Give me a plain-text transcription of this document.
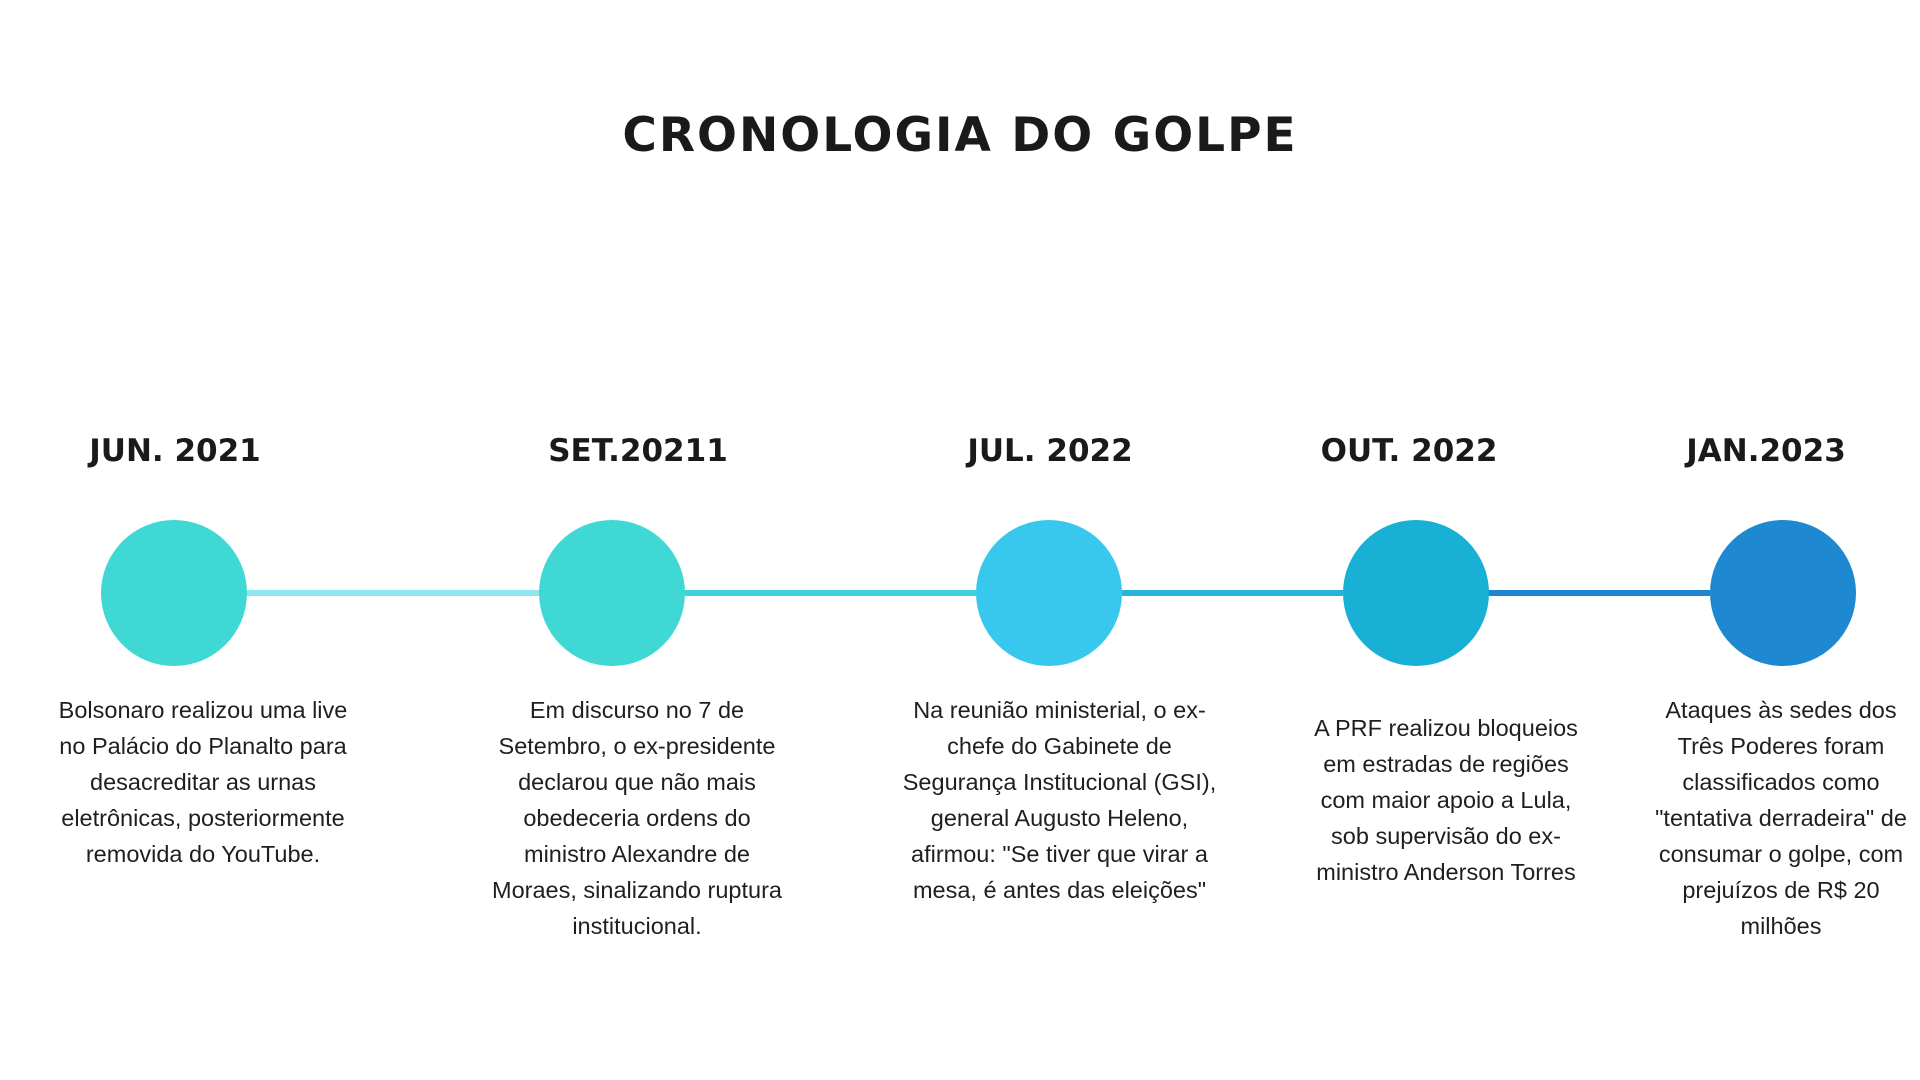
CRONOLOGIA DO GOLPE
JUN. 2021
Bolsonaro realizou uma live no Palácio do Planalto para desacreditar as urnas eletrônicas, posteriormente removida do YouTube.
SET.20211
Em discurso no 7 de Setembro, o ex-presidente declarou que não mais obedeceria ordens do ministro Alexandre de Moraes, sinalizando ruptura institucional.
JUL. 2022
Na reunião ministerial, o ex-chefe do Gabinete de Segurança Institucional (GSI), general Augusto Heleno, afirmou: "Se tiver que virar a mesa, é antes das eleições"
OUT. 2022
A PRF realizou bloqueios em estradas de regiões com maior apoio a Lula, sob supervisão do ex-ministro Anderson Torres
JAN.2023
Ataques às sedes dos Três Poderes foram classificados como "tentativa derradeira" de consumar o golpe, com prejuízos de R$ 20 milhões
